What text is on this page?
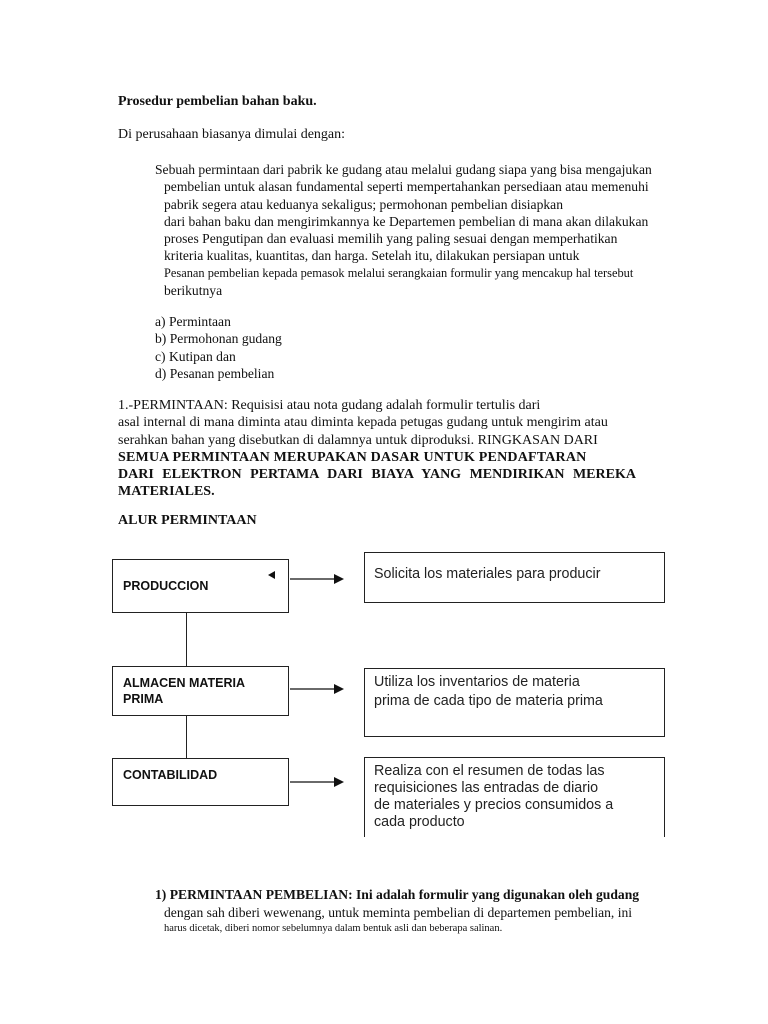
Prosedur pembelian bahan baku.
Di perusahaan biasanya dimulai dengan:
Sebuah permintaan dari pabrik ke gudang atau melalui gudang siapa yang bisa mengajukan
pembelian untuk alasan fundamental seperti mempertahankan persediaan atau memenuhi
pabrik segera atau keduanya sekaligus; permohonan pembelian disiapkan
dari bahan baku dan mengirimkannya ke Departemen pembelian di mana akan dilakukan
proses Pengutipan dan evaluasi memilih yang paling sesuai dengan memperhatikan
kriteria kualitas, kuantitas, dan harga. Setelah itu, dilakukan persiapan untuk
Pesanan pembelian kepada pemasok melalui serangkaian formulir yang mencakup hal tersebut
berikutnya
a) Permintaan
b) Permohonan gudang
c) Kutipan dan
d) Pesanan pembelian
1.-PERMINTAAN: Requisisi atau nota gudang adalah formulir tertulis dari
asal internal di mana diminta atau diminta kepada petugas gudang untuk mengirim atau
serahkan bahan yang disebutkan di dalamnya untuk diproduksi. RINGKASAN DARI
SEMUA PERMINTAAN MERUPAKAN DASAR UNTUK PENDAFTARAN
DARI ELEKTRON PERTAMA DARI BIAYA YANG MENDIRIKAN MEREKA
MATERIALES.
ALUR PERMINTAAN
PRODUCCION
ALMACEN MATERIA
PRIMA
CONTABILIDAD
Solicita los materiales para producir
Utiliza los inventarios de materia
prima de cada tipo de materia prima
Realiza con el resumen de todas las
requisiciones las entradas de diario
de materiales y precios consumidos a
cada producto
1) PERMINTAAN PEMBELIAN: Ini adalah formulir yang digunakan oleh gudang
dengan sah diberi wewenang, untuk meminta pembelian di departemen pembelian, ini
harus dicetak, diberi nomor sebelumnya dalam bentuk asli dan beberapa salinan.
